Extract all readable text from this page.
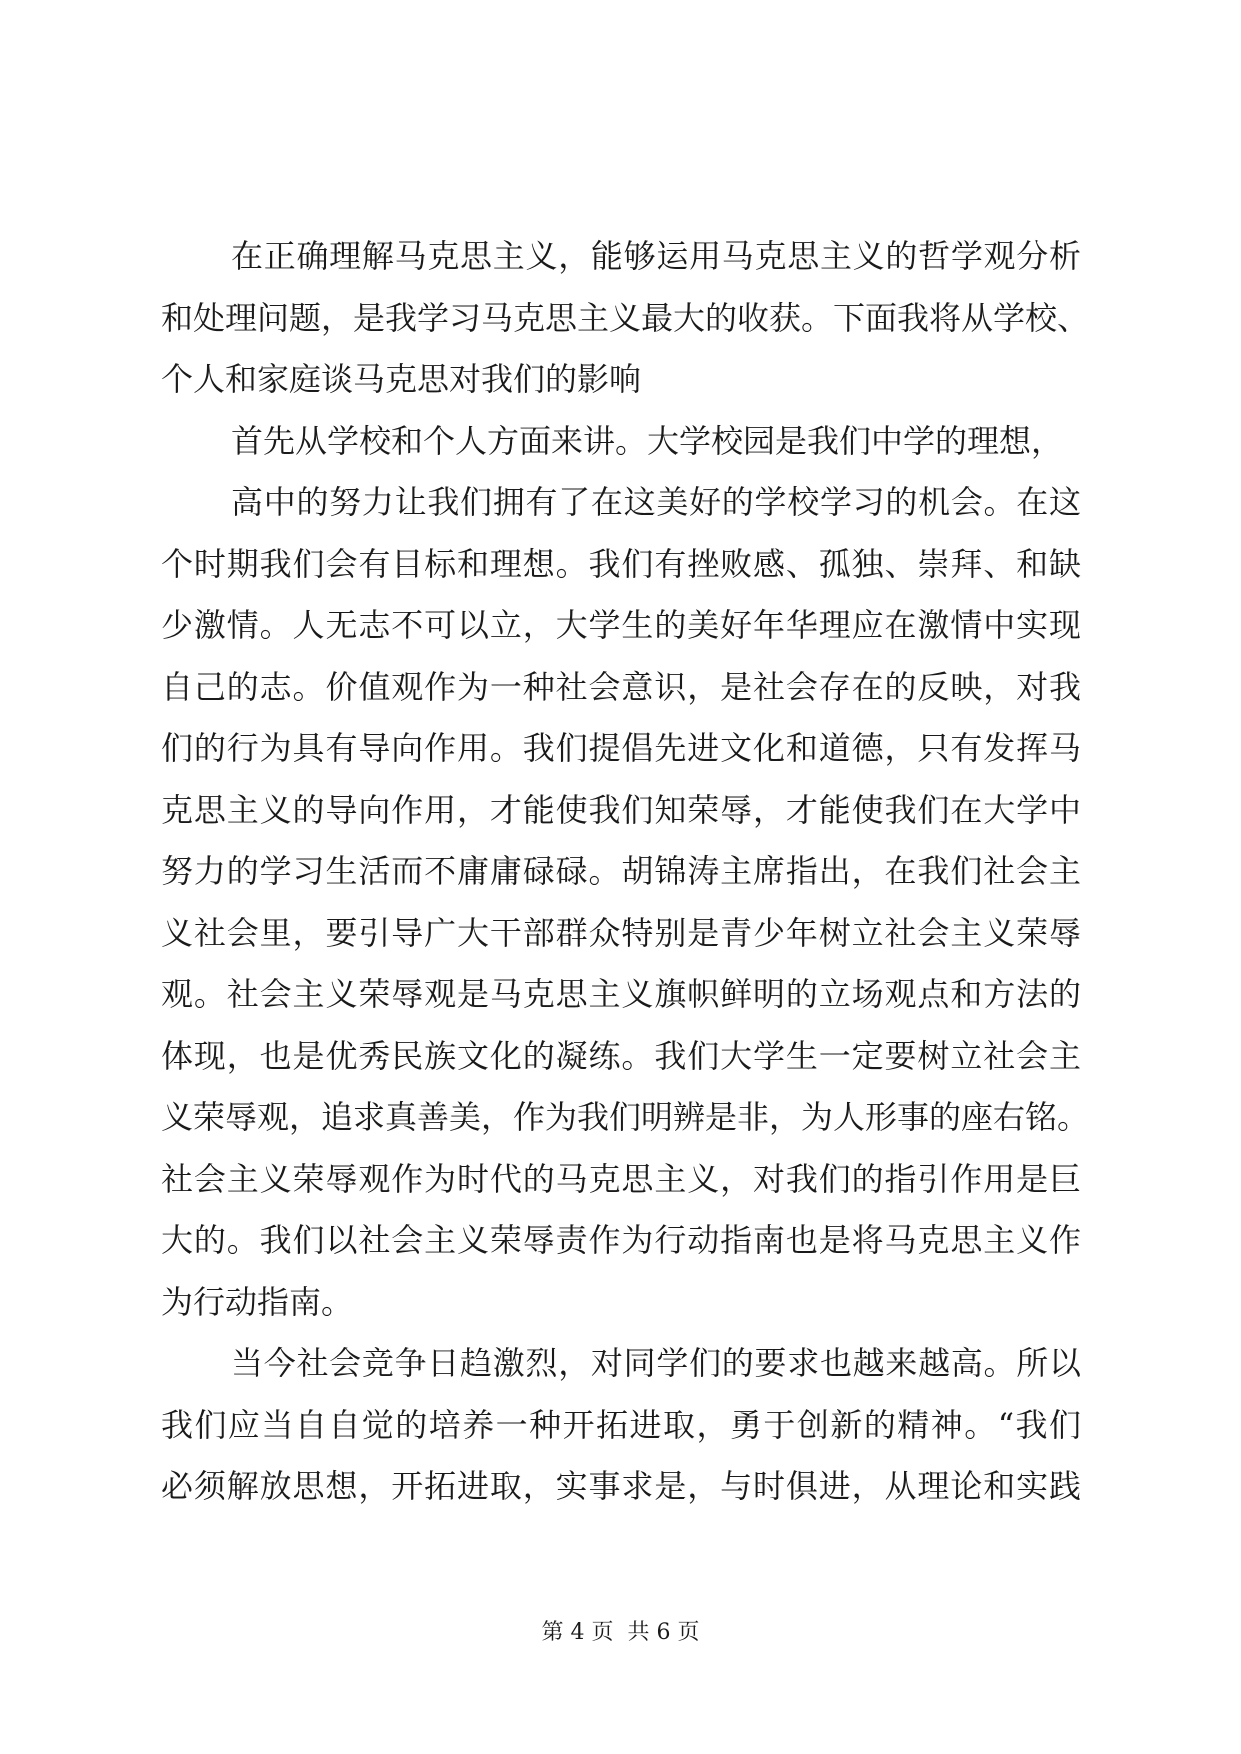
在正确理解马克思主义，能够运用马克思主义的哲学观分析
和处理问题，是我学习马克思主义最大的收获。下面我将从学校、
个人和家庭谈马克思对我们的影响
首先从学校和个人方面来讲。大学校园是我们中学的理想，
高中的努力让我们拥有了在这美好的学校学习的机会。在这
个时期我们会有目标和理想。我们有挫败感、孤独、崇拜、和缺
少激情。人无志不可以立，大学生的美好年华理应在激情中实现
自己的志。价值观作为一种社会意识，是社会存在的反映，对我
们的行为具有导向作用。我们提倡先进文化和道德，只有发挥马
克思主义的导向作用，才能使我们知荣辱，才能使我们在大学中
努力的学习生活而不庸庸碌碌。胡锦涛主席指出，在我们社会主
义社会里，要引导广大干部群众特别是青少年树立社会主义荣辱
观。社会主义荣辱观是马克思主义旗帜鲜明的立场观点和方法的
体现，也是优秀民族文化的凝练。我们大学生一定要树立社会主
义荣辱观，追求真善美，作为我们明辨是非，为人形事的座右铭。
社会主义荣辱观作为时代的马克思主义，对我们的指引作用是巨
大的。我们以社会主义荣辱责作为行动指南也是将马克思主义作
为行动指南。
当今社会竞争日趋激烈，对同学们的要求也越来越高。所以
我们应当自自觉的培养一种开拓进取，勇于创新的精神。“我们
必须解放思想，开拓进取，实事求是，与时俱进，从理论和实践
第 4 页  共 6 页
